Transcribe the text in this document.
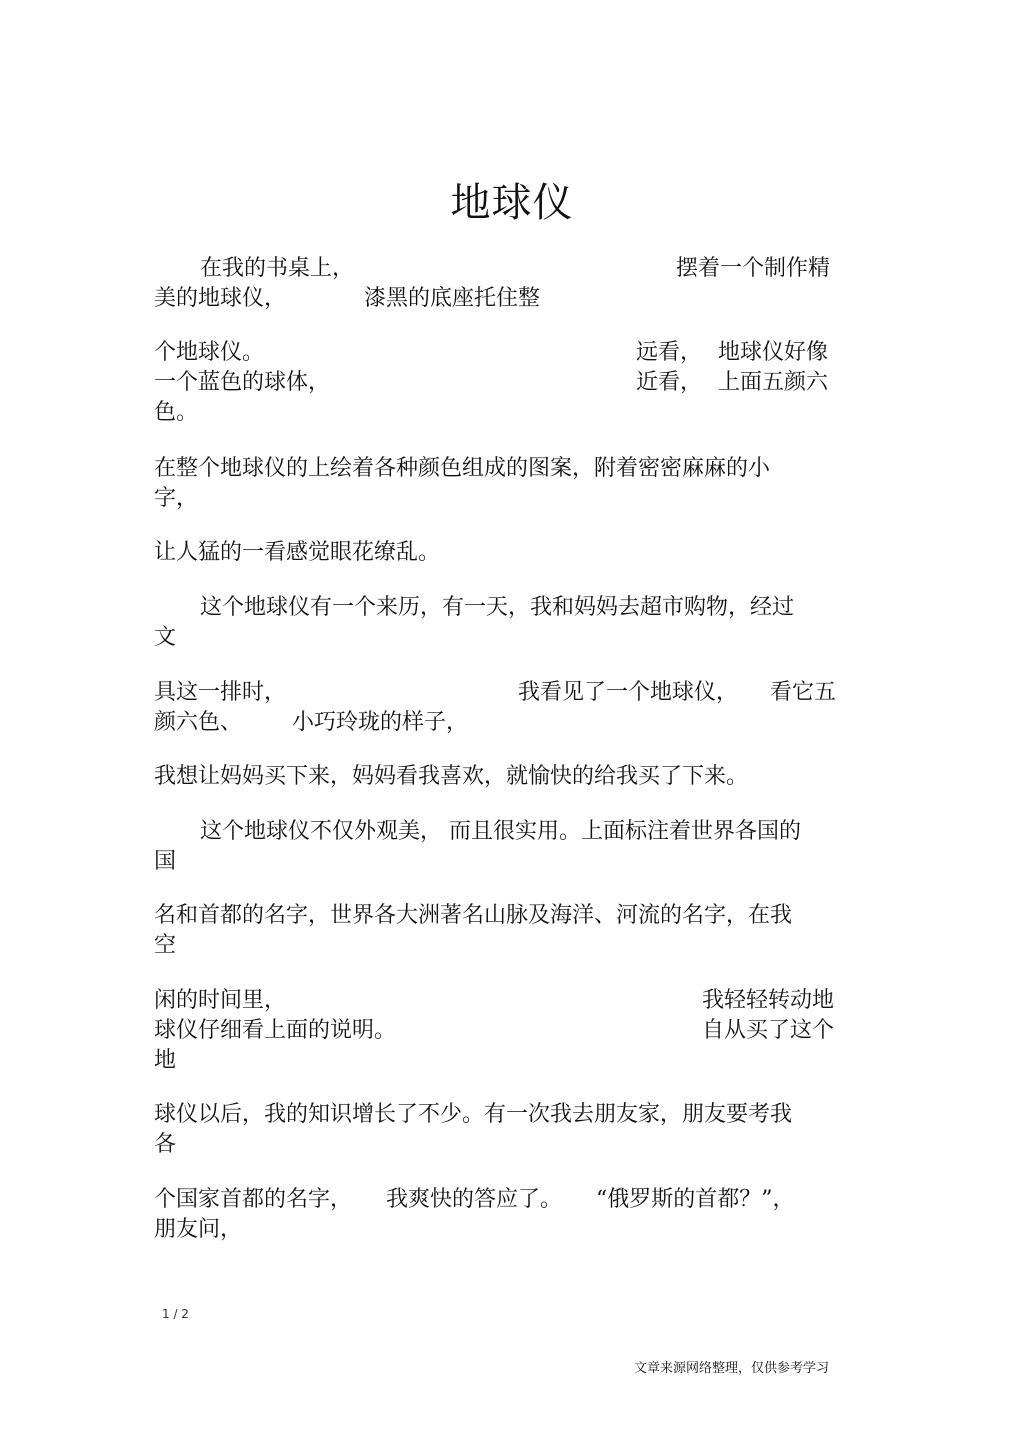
地球仪
在我的书桌上，	摆着一个制作精
美的地球仪，	漆黑的底座托住整
个地球仪。	远看， 地球仪好像
一个蓝色的球体，	近看， 上面五颜六
色。
在整个地球仪的上绘着各种颜色组成的图案，附着密密麻麻的小
字，
让人猛的一看感觉眼花缭乱。
这个地球仪有一个来历，有一天，我和妈妈去超市购物，经过
文
具这一排时，	我看见了一个地球仪， 看它五
颜六色、 小巧玲珑的样子，
我想让妈妈买下来，妈妈看我喜欢，就愉快的给我买了下来。
这个地球仪不仅外观美， 而且很实用。上面标注着世界各国的
国
名和首都的名字，世界各大洲著名山脉及海洋、河流的名字，在我
空
闲的时间里，	我轻轻转动地
球仪仔细看上面的说明。	自从买了这个
地
球仪以后，我的知识增长了不少。有一次我去朋友家，朋友要考我
各
个国家首都的名字， 我爽快的答应了。 “俄罗斯的首都？”，
朋友问，
1 / 2
文章来源网络整理，仅供参考学习
